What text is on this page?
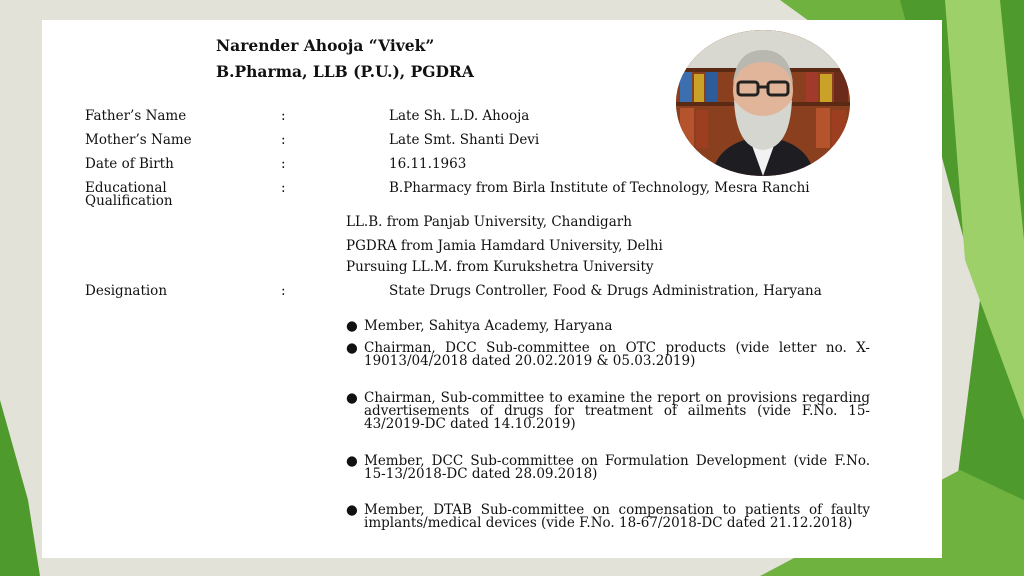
Narender Ahooja “Vivek”
B.Pharma, LLB (P.U.), PGDRA
Father’s Name	:	Late Sh. L.D. Ahooja
Mother’s Name	:	Late Smt. Shanti Devi
Date of Birth	:	16.11.1963
Educational Qualification
:	B.Pharmacy from Birla Institute of Technology, Mesra Ranchi
LL.B. from Panjab University, Chandigarh
PGDRA from Jamia Hamdard University, Delhi
Pursuing LL.M. from Kurukshetra University
Designation	:	State Drugs Controller, Food & Drugs Administration, Haryana
● Member, Sahitya Academy, Haryana
● Chairman, DCC Sub-committee on OTC products (vide letter no. X-19013/04/2018 dated 20.02.2019 & 05.03.2019)
● Chairman, Sub-committee to examine the report on provisions regarding advertisements of drugs for treatment of ailments (vide F.No. 15-43/2019-DC dated 14.10.2019)
● Member, DCC Sub-committee on Formulation Development (vide F.No. 15-13/2018-DC dated 28.09.2018)
● Member, DTAB Sub-committee on compensation to patients of faulty implants/medical devices (vide F.No. 18-67/2018-DC dated 21.12.2018)
